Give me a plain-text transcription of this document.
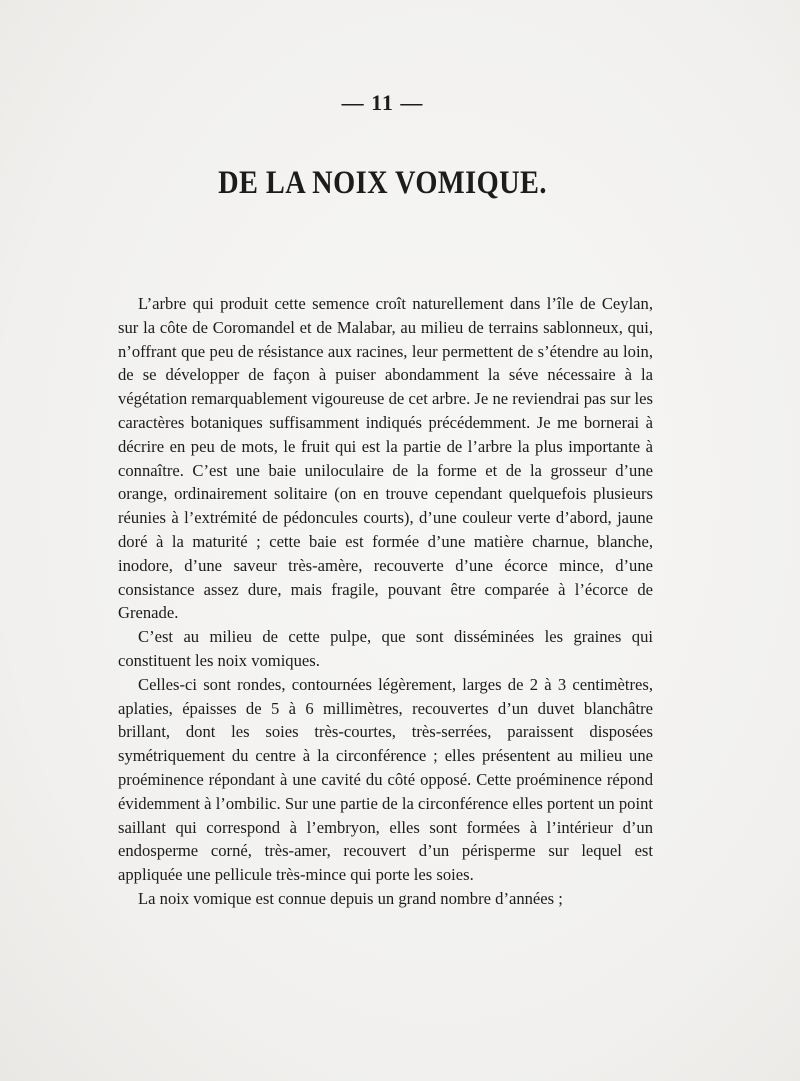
— 11 —
DE LA NOIX VOMIQUE.

L’arbre qui produit cette semence croît naturellement dans l’île de Ceylan, sur la côte de Coromandel et de Malabar, au milieu de terrains sablonneux, qui, n’offrant que peu de résistance aux racines, leur permettent de s’étendre au loin, de se développer de façon à puiser abondamment la séve nécessaire à la végétation remarquablement vigoureuse de cet arbre. Je ne reviendrai pas sur les caractères botaniques suffisamment indiqués précédemment. Je me bornerai à décrire en peu de mots, le fruit qui est la partie de l’arbre la plus importante à connaître. C’est une baie uniloculaire de la forme et de la grosseur d’une orange, ordinairement solitaire (on en trouve cependant quelquefois plusieurs réunies à l’extrémité de pédoncules courts), d’une couleur verte d’abord, jaune doré à la maturité ; cette baie est formée d’une matière charnue, blanche, inodore, d’une saveur très-amère, recouverte d’une écorce mince, d’une consistance assez dure, mais fragile, pouvant être comparée à l’écorce de Grenade.

C’est au milieu de cette pulpe, que sont disséminées les graines qui constituent les noix vomiques.

Celles-ci sont rondes, contournées légèrement, larges de 2 à 3 centimètres, aplaties, épaisses de 5 à 6 millimètres, recouvertes d’un duvet blanchâtre brillant, dont les soies très-courtes, très-serrées, paraissent disposées symétriquement du centre à la circonférence ; elles présentent au milieu une proéminence répondant à une cavité du côté opposé. Cette proéminence répond évidemment à l’ombilic. Sur une partie de la circonférence elles portent un point saillant qui correspond à l’embryon, elles sont formées à l’intérieur d’un endosperme corné, très-amer, recouvert d’un périsperme sur lequel est appliquée une pellicule très-mince qui porte les soies.

La noix vomique est connue depuis un grand nombre d’années ;
